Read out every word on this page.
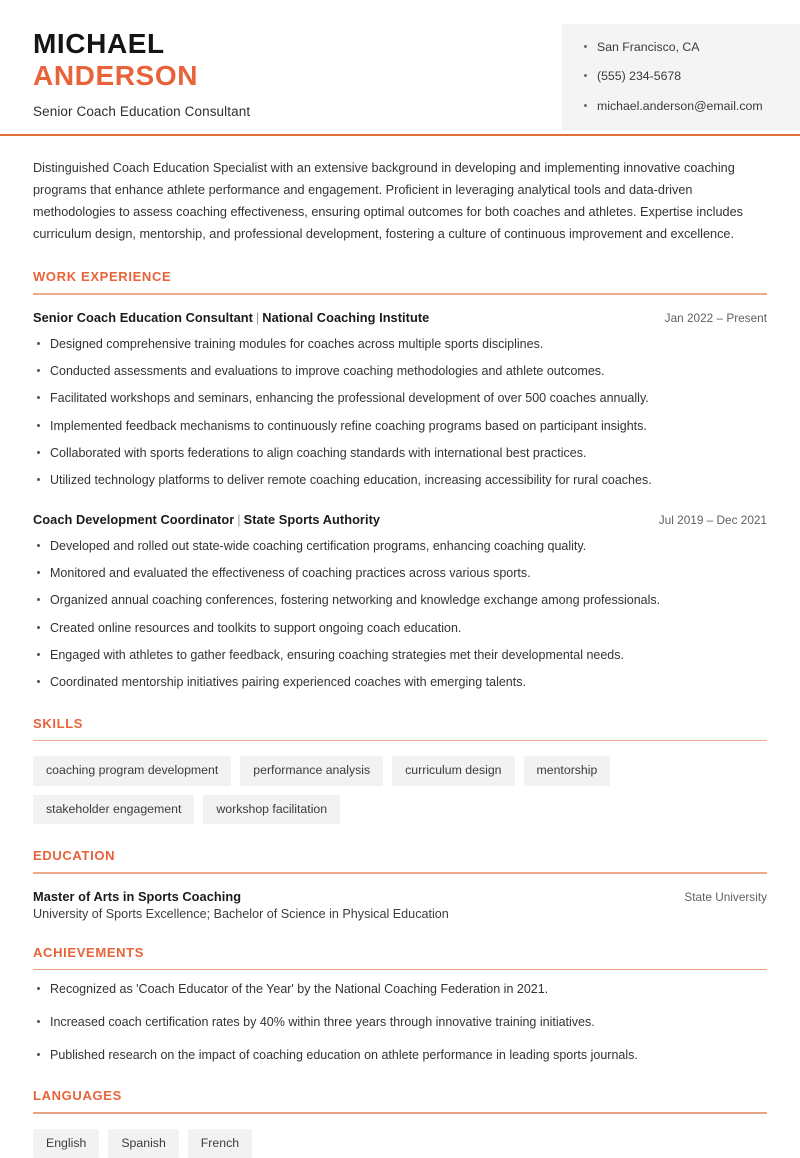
MICHAEL
ANDERSON
Senior Coach Education Consultant
San Francisco, CA
(555) 234-5678
michael.anderson@email.com

Distinguished Coach Education Specialist with an extensive background in developing and implementing innovative coaching programs that enhance athlete performance and engagement. Proficient in leveraging analytical tools and data-driven methodologies to assess coaching effectiveness, ensuring optimal outcomes for both coaches and athletes. Expertise includes curriculum design, mentorship, and professional development, fostering a culture of continuous improvement and excellence.

WORK EXPERIENCE
Senior Coach Education Consultant | National Coaching Institute	Jan 2022 – Present
Designed comprehensive training modules for coaches across multiple sports disciplines.
Conducted assessments and evaluations to improve coaching methodologies and athlete outcomes.
Facilitated workshops and seminars, enhancing the professional development of over 500 coaches annually.
Implemented feedback mechanisms to continuously refine coaching programs based on participant insights.
Collaborated with sports federations to align coaching standards with international best practices.
Utilized technology platforms to deliver remote coaching education, increasing accessibility for rural coaches.
Coach Development Coordinator | State Sports Authority	Jul 2019 – Dec 2021
Developed and rolled out state-wide coaching certification programs, enhancing coaching quality.
Monitored and evaluated the effectiveness of coaching practices across various sports.
Organized annual coaching conferences, fostering networking and knowledge exchange among professionals.
Created online resources and toolkits to support ongoing coach education.
Engaged with athletes to gather feedback, ensuring coaching strategies met their developmental needs.
Coordinated mentorship initiatives pairing experienced coaches with emerging talents.
SKILLS
coaching program development	performance analysis	curriculum design	mentorship
stakeholder engagement	workshop facilitation
EDUCATION
Master of Arts in Sports Coaching	State University
University of Sports Excellence; Bachelor of Science in Physical Education
ACHIEVEMENTS
Recognized as 'Coach Educator of the Year' by the National Coaching Federation in 2021.
Increased coach certification rates by 40% within three years through innovative training initiatives.
Published research on the impact of coaching education on athlete performance in leading sports journals.
LANGUAGES
English	Spanish	French
